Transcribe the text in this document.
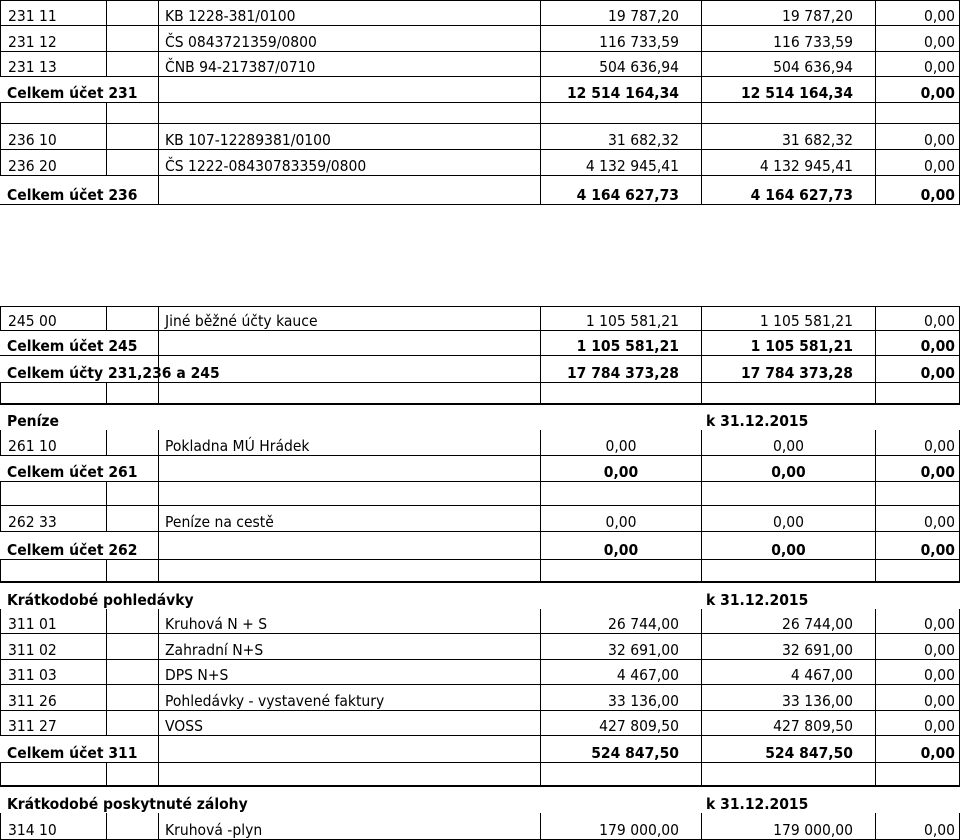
231 11	KB 1228-381/0100	19 787,20	19 787,20	0,00
231 12	ČS 0843721359/0800	116 733,59	116 733,59	0,00
231 13	ČNB 94-217387/0710	504 636,94	504 636,94	0,00
Celkem účet 231	12 514 164,34	12 514 164,34	0,00
236 10	KB 107-12289381/0100	31 682,32	31 682,32	0,00
236 20	ČS 1222-08430783359/0800	4 132 945,41	4 132 945,41	0,00
Celkem účet 236	4 164 627,73	4 164 627,73	0,00
245 00	Jiné běžné účty kauce	1 105 581,21	1 105 581,21	0,00
Celkem účet 245	1 105 581,21	1 105 581,21	0,00
Celkem účty 231,236 a 245	17 784 373,28	17 784 373,28	0,00
Peníze	k 31.12.2015
261 10	Pokladna MÚ Hrádek	0,00	0,00	0,00
Celkem účet 261	0,00	0,00	0,00
262 33	Peníze na cestě	0,00	0,00	0,00
Celkem účet 262	0,00	0,00	0,00
Krátkodobé pohledávky	k 31.12.2015
311 01	Kruhová N + S	26 744,00	26 744,00	0,00
311 02	Zahradní N+S	32 691,00	32 691,00	0,00
311 03	DPS N+S	4 467,00	4 467,00	0,00
311 26	Pohledávky - vystavené faktury	33 136,00	33 136,00	0,00
311 27	VOSS	427 809,50	427 809,50	0,00
Celkem účet 311	524 847,50	524 847,50	0,00
Krátkodobé poskytnuté zálohy	k 31.12.2015
314 10	Kruhová -plyn	179 000,00	179 000,00	0,00
